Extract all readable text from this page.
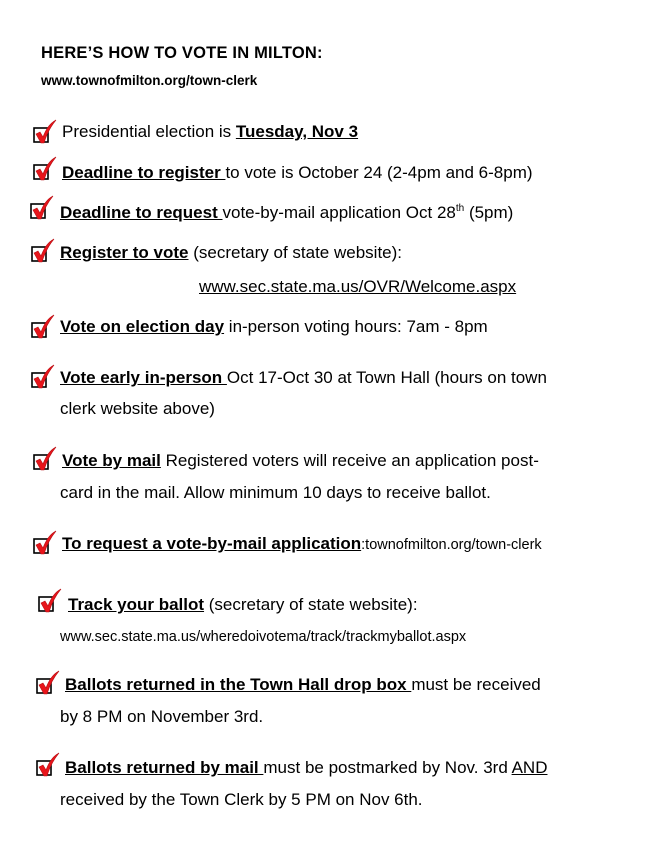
HERE’S HOW TO VOTE IN MILTON:
www.townofmilton.org/town-clerk
Presidential election is Tuesday, Nov 3
Deadline to register to vote is October 24 (2-4pm and 6-8pm)
Deadline to request vote-by-mail application Oct 28th (5pm)
Register to vote (secretary of state website):
www.sec.state.ma.us/OVR/Welcome.aspx
Vote on election day in-person voting hours: 7am - 8pm
Vote early in-person Oct 17-Oct 30 at Town Hall (hours on town
clerk website above)
Vote by mail Registered voters will receive an application post-
card in the mail. Allow minimum 10 days to receive ballot.
To request a vote-by-mail application:townofmilton.org/town-clerk
Track your ballot (secretary of state website):
www.sec.state.ma.us/wheredoivotema/track/trackmyballot.aspx
Ballots returned in the Town Hall drop box must be received
by 8 PM on November 3rd.
Ballots returned by mail must be postmarked by Nov. 3rd AND
received by the Town Clerk by 5 PM on Nov 6th.
